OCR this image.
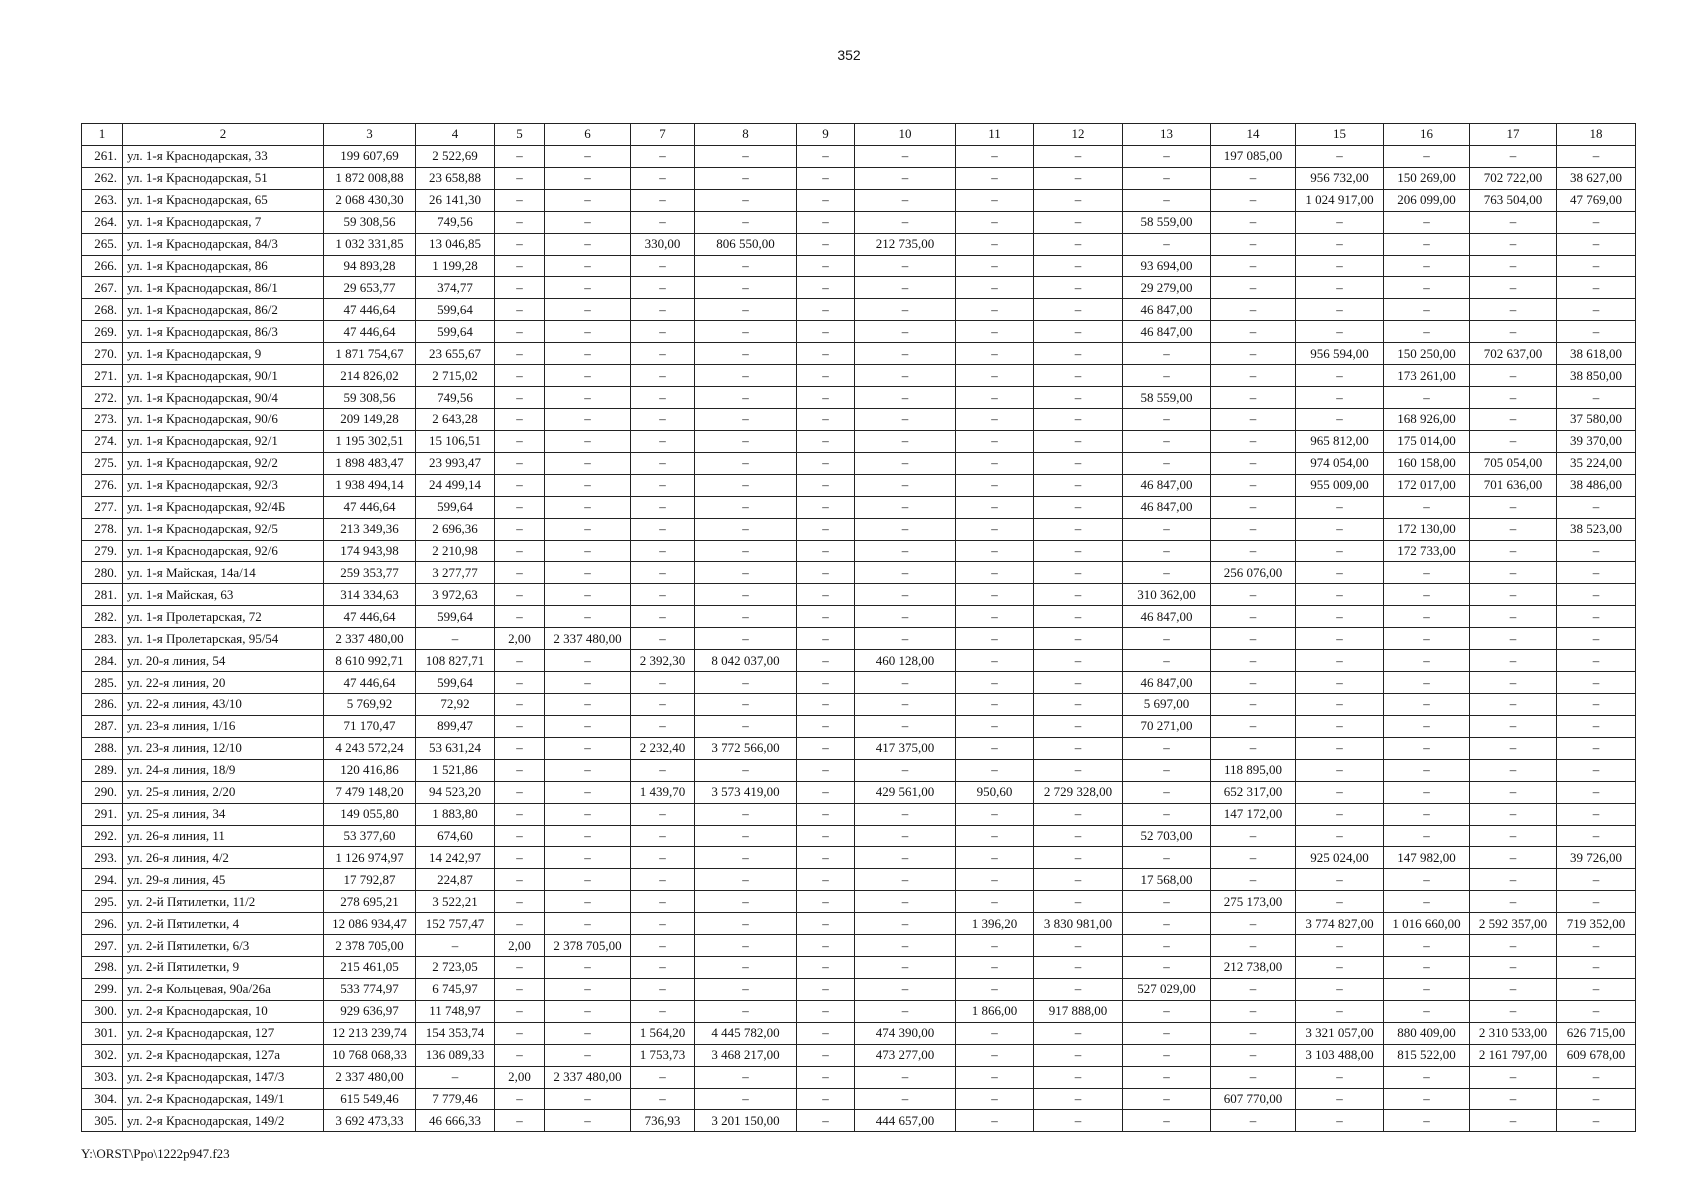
352
1	2	3	4	5	6	7	8	9	10	11	12	13	14	15	16	17	18
261.	ул. 1-я Краснодарская, 33	199 607,69	2 522,69	–	–	–	–	–	–	–	–	–	197 085,00	–	–	–	–
262.	ул. 1-я Краснодарская, 51	1 872 008,88	23 658,88	–	–	–	–	–	–	–	–	–	–	956 732,00	150 269,00	702 722,00	38 627,00
263.	ул. 1-я Краснодарская, 65	2 068 430,30	26 141,30	–	–	–	–	–	–	–	–	–	–	1 024 917,00	206 099,00	763 504,00	47 769,00
264.	ул. 1-я Краснодарская, 7	59 308,56	749,56	–	–	–	–	–	–	–	–	58 559,00	–	–	–	–	–
265.	ул. 1-я Краснодарская, 84/3	1 032 331,85	13 046,85	–	–	330,00	806 550,00	–	212 735,00	–	–	–	–	–	–	–	–
266.	ул. 1-я Краснодарская, 86	94 893,28	1 199,28	–	–	–	–	–	–	–	–	93 694,00	–	–	–	–	–
267.	ул. 1-я Краснодарская, 86/1	29 653,77	374,77	–	–	–	–	–	–	–	–	29 279,00	–	–	–	–	–
268.	ул. 1-я Краснодарская, 86/2	47 446,64	599,64	–	–	–	–	–	–	–	–	46 847,00	–	–	–	–	–
269.	ул. 1-я Краснодарская, 86/3	47 446,64	599,64	–	–	–	–	–	–	–	–	46 847,00	–	–	–	–	–
270.	ул. 1-я Краснодарская, 9	1 871 754,67	23 655,67	–	–	–	–	–	–	–	–	–	–	956 594,00	150 250,00	702 637,00	38 618,00
271.	ул. 1-я Краснодарская, 90/1	214 826,02	2 715,02	–	–	–	–	–	–	–	–	–	–	–	173 261,00	–	38 850,00
272.	ул. 1-я Краснодарская, 90/4	59 308,56	749,56	–	–	–	–	–	–	–	–	58 559,00	–	–	–	–	–
273.	ул. 1-я Краснодарская, 90/6	209 149,28	2 643,28	–	–	–	–	–	–	–	–	–	–	–	168 926,00	–	37 580,00
274.	ул. 1-я Краснодарская, 92/1	1 195 302,51	15 106,51	–	–	–	–	–	–	–	–	–	–	965 812,00	175 014,00	–	39 370,00
275.	ул. 1-я Краснодарская, 92/2	1 898 483,47	23 993,47	–	–	–	–	–	–	–	–	–	–	974 054,00	160 158,00	705 054,00	35 224,00
276.	ул. 1-я Краснодарская, 92/3	1 938 494,14	24 499,14	–	–	–	–	–	–	–	–	46 847,00	–	955 009,00	172 017,00	701 636,00	38 486,00
277.	ул. 1-я Краснодарская, 92/4Б	47 446,64	599,64	–	–	–	–	–	–	–	–	46 847,00	–	–	–	–	–
278.	ул. 1-я Краснодарская, 92/5	213 349,36	2 696,36	–	–	–	–	–	–	–	–	–	–	–	172 130,00	–	38 523,00
279.	ул. 1-я Краснодарская, 92/6	174 943,98	2 210,98	–	–	–	–	–	–	–	–	–	–	–	172 733,00	–	–
280.	ул. 1-я Майская, 14а/14	259 353,77	3 277,77	–	–	–	–	–	–	–	–	–	256 076,00	–	–	–	–
281.	ул. 1-я Майская, 63	314 334,63	3 972,63	–	–	–	–	–	–	–	–	310 362,00	–	–	–	–	–
282.	ул. 1-я Пролетарская, 72	47 446,64	599,64	–	–	–	–	–	–	–	–	46 847,00	–	–	–	–	–
283.	ул. 1-я Пролетарская, 95/54	2 337 480,00	–	2,00	2 337 480,00	–	–	–	–	–	–	–	–	–	–	–	–
284.	ул. 20-я линия, 54	8 610 992,71	108 827,71	–	–	2 392,30	8 042 037,00	–	460 128,00	–	–	–	–	–	–	–	–
285.	ул. 22-я линия, 20	47 446,64	599,64	–	–	–	–	–	–	–	–	46 847,00	–	–	–	–	–
286.	ул. 22-я линия, 43/10	5 769,92	72,92	–	–	–	–	–	–	–	–	5 697,00	–	–	–	–	–
287.	ул. 23-я линия, 1/16	71 170,47	899,47	–	–	–	–	–	–	–	–	70 271,00	–	–	–	–	–
288.	ул. 23-я линия, 12/10	4 243 572,24	53 631,24	–	–	2 232,40	3 772 566,00	–	417 375,00	–	–	–	–	–	–	–	–
289.	ул. 24-я линия, 18/9	120 416,86	1 521,86	–	–	–	–	–	–	–	–	–	118 895,00	–	–	–	–
290.	ул. 25-я линия, 2/20	7 479 148,20	94 523,20	–	–	1 439,70	3 573 419,00	–	429 561,00	950,60	2 729 328,00	–	652 317,00	–	–	–	–
291.	ул. 25-я линия, 34	149 055,80	1 883,80	–	–	–	–	–	–	–	–	–	147 172,00	–	–	–	–
292.	ул. 26-я линия, 11	53 377,60	674,60	–	–	–	–	–	–	–	–	52 703,00	–	–	–	–	–
293.	ул. 26-я линия, 4/2	1 126 974,97	14 242,97	–	–	–	–	–	–	–	–	–	–	925 024,00	147 982,00	–	39 726,00
294.	ул. 29-я линия, 45	17 792,87	224,87	–	–	–	–	–	–	–	–	17 568,00	–	–	–	–	–
295.	ул. 2-й Пятилетки, 11/2	278 695,21	3 522,21	–	–	–	–	–	–	–	–	–	275 173,00	–	–	–	–
296.	ул. 2-й Пятилетки, 4	12 086 934,47	152 757,47	–	–	–	–	–	–	1 396,20	3 830 981,00	–	–	3 774 827,00	1 016 660,00	2 592 357,00	719 352,00
297.	ул. 2-й Пятилетки, 6/3	2 378 705,00	–	2,00	2 378 705,00	–	–	–	–	–	–	–	–	–	–	–	–
298.	ул. 2-й Пятилетки, 9	215 461,05	2 723,05	–	–	–	–	–	–	–	–	–	212 738,00	–	–	–	–
299.	ул. 2-я Кольцевая, 90а/26а	533 774,97	6 745,97	–	–	–	–	–	–	–	–	527 029,00	–	–	–	–	–
300.	ул. 2-я Краснодарская, 10	929 636,97	11 748,97	–	–	–	–	–	–	1 866,00	917 888,00	–	–	–	–	–	–
301.	ул. 2-я Краснодарская, 127	12 213 239,74	154 353,74	–	–	1 564,20	4 445 782,00	–	474 390,00	–	–	–	–	3 321 057,00	880 409,00	2 310 533,00	626 715,00
302.	ул. 2-я Краснодарская, 127а	10 768 068,33	136 089,33	–	–	1 753,73	3 468 217,00	–	473 277,00	–	–	–	–	3 103 488,00	815 522,00	2 161 797,00	609 678,00
303.	ул. 2-я Краснодарская, 147/3	2 337 480,00	–	2,00	2 337 480,00	–	–	–	–	–	–	–	–	–	–	–	–
304.	ул. 2-я Краснодарская, 149/1	615 549,46	7 779,46	–	–	–	–	–	–	–	–	–	607 770,00	–	–	–	–
305.	ул. 2-я Краснодарская, 149/2	3 692 473,33	46 666,33	–	–	736,93	3 201 150,00	–	444 657,00	–	–	–	–	–	–	–	–
Y:\ORST\Ppo\1222p947.f23
